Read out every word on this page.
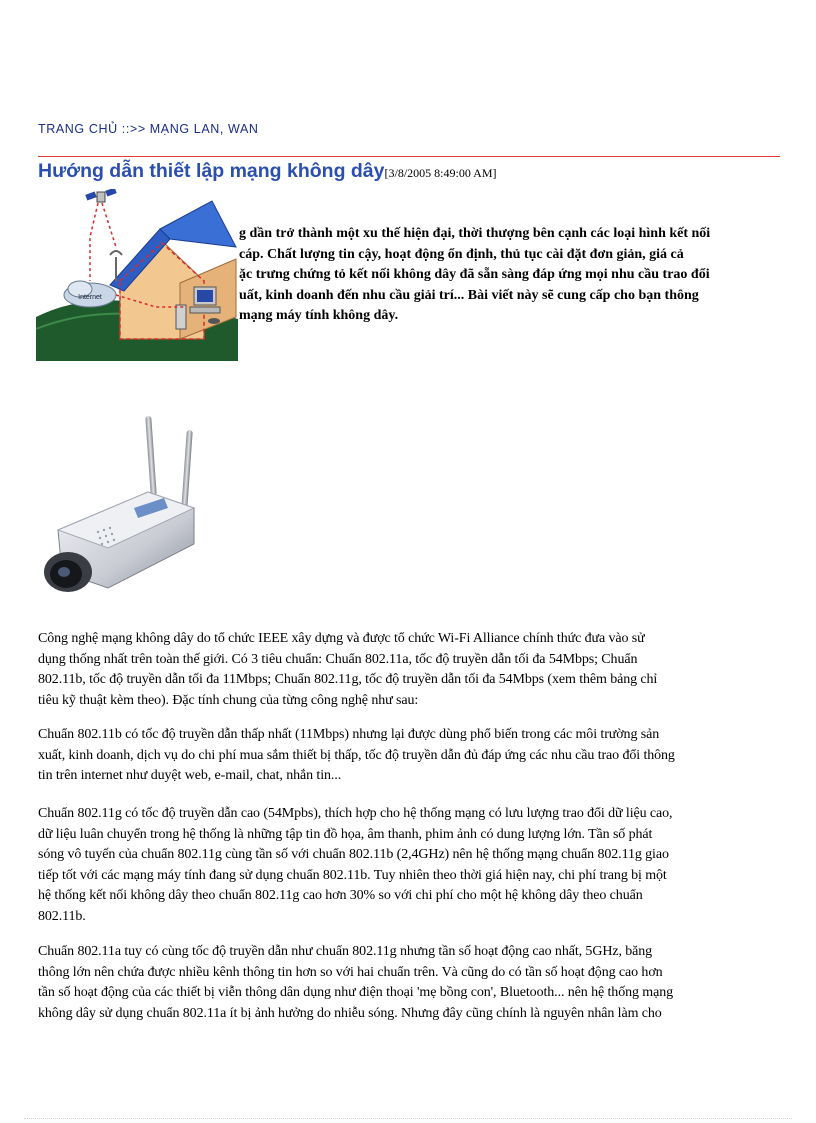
TRANG CHỦ ::>> MẠNG LAN, WAN
Hướng dẫn thiết lập mạng không dây[3/8/2005 8:49:00 AM]
Internet

g dần trở thành một xu thế hiện đại, thời thượng bên cạnh các loại hình kết nối
cáp. Chất lượng tin cậy, hoạt động ổn định, thủ tục cài đặt đơn giản, giá cả
ặc trưng chứng tỏ kết nối không dây đã sẵn sàng đáp ứng mọi nhu cầu trao đổi
uất, kinh doanh đến nhu cầu giải trí... Bài viết này sẽ cung cấp cho bạn thông
mạng máy tính không dây.

Công nghệ mạng không dây do tổ chức IEEE xây dựng và được tổ chức Wi-Fi Alliance chính thức đưa vào sử
dụng thống nhất trên toàn thế giới. Có 3 tiêu chuẩn: Chuẩn 802.11a, tốc độ truyền dẫn tối đa 54Mbps; Chuẩn
802.11b, tốc độ truyền dẫn tối đa 11Mbps; Chuẩn 802.11g, tốc độ truyền dẫn tối đa 54Mbps (xem thêm bảng chỉ
tiêu kỹ thuật kèm theo). Đặc tính chung của từng công nghệ như sau:

Chuẩn 802.11b có tốc độ truyền dẫn thấp nhất (11Mbps) nhưng lại được dùng phổ biến trong các môi trường sản
xuất, kinh doanh, dịch vụ do chi phí mua sắm thiết bị thấp, tốc độ truyền dẫn đủ đáp ứng các nhu cầu trao đổi thông
tin trên internet như duyệt web, e-mail, chat, nhắn tin...

Chuẩn 802.11g có tốc độ truyền dẫn cao (54Mpbs), thích hợp cho hệ thống mạng có lưu lượng trao đổi dữ liệu cao,
dữ liệu luân chuyển trong hệ thống là những tập tin đồ họa, âm thanh, phim ảnh có dung lượng lớn. Tần số phát
sóng vô tuyến của chuẩn 802.11g cùng tần số với chuẩn 802.11b (2,4GHz) nên hệ thống mạng chuẩn 802.11g giao
tiếp tốt với các mạng máy tính đang sử dụng chuẩn 802.11b. Tuy nhiên theo thời giá hiện nay, chi phí trang bị một
hệ thống kết nối không dây theo chuẩn 802.11g cao hơn 30% so với chi phí cho một hệ không dây theo chuẩn
802.11b.

Chuẩn 802.11a tuy có cùng tốc độ truyền dẫn như chuẩn 802.11g nhưng tần số hoạt động cao nhất, 5GHz, băng
thông lớn nên chứa được nhiều kênh thông tin hơn so với hai chuẩn trên. Và cũng do có tần số hoạt động cao hơn
tần số hoạt động của các thiết bị viễn thông dân dụng như điện thoại 'mẹ bồng con', Bluetooth... nên hệ thống mạng
không dây sử dụng chuẩn 802.11a ít bị ảnh hưởng do nhiễu sóng. Nhưng đây cũng chính là nguyên nhân làm cho
